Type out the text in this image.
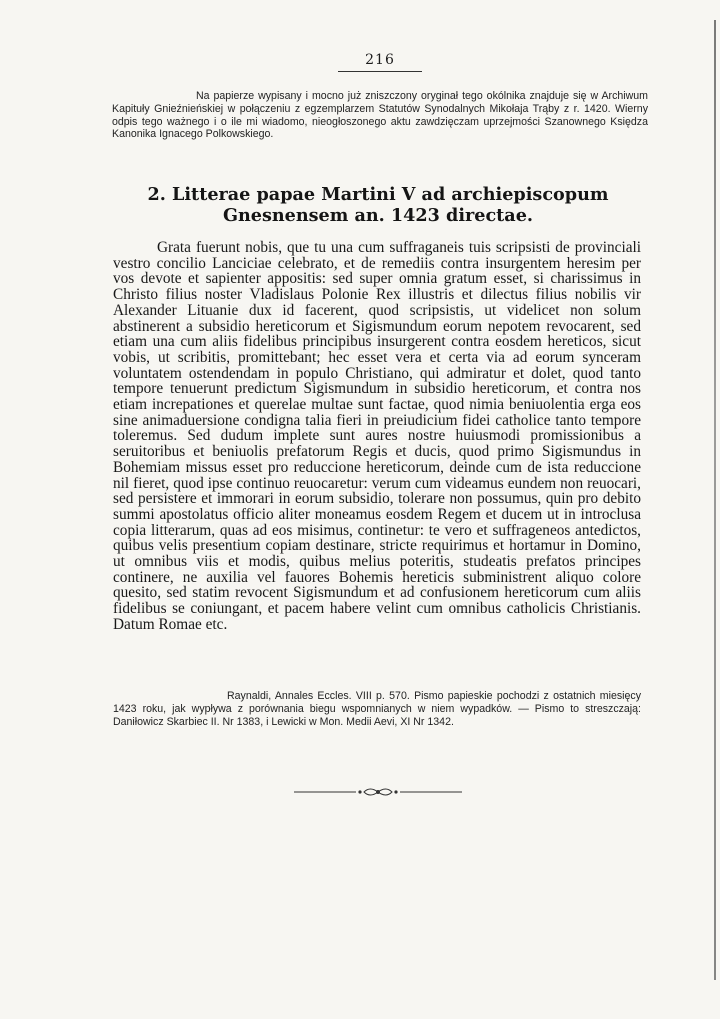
216
Na papierze wypisany i mocno już zniszczony oryginał tego okólnika znajduje się w Archiwum Kapituły Gnieźnieńskiej w połączeniu z egzemplarzem Statutów Synodalnych Mikołaja Trąby z r. 1420. Wierny odpis tego ważnego i o ile mi wiadomo, nieogłoszonego aktu zawdzięczam uprzejmości Szanownego Księdza Kanonika Ignacego Polkowskiego.
2. Litterae papae Martini V ad archiepiscopum Gnesnensem an. 1423 directae.
Grata fuerunt nobis, que tu una cum suffraganeis tuis scripsisti de provinciali vestro concilio Lanciciae celebrato, et de remediis contra insurgentem heresim per vos devote et sapienter appositis: sed super omnia gratum esset, si charissimus in Christo filius noster Vladislaus Polonie Rex illustris et dilectus filius nobilis vir Alexander Lituanie dux id facerent, quod scripsistis, ut videlicet non solum abstinerent a subsidio hereticorum et Sigismundum eorum nepotem revocarent, sed etiam una cum aliis fidelibus principibus insurgerent contra eosdem hereticos, sicut vobis, ut scribitis, promittebant; hec esset vera et certa via ad eorum synceram voluntatem ostendendam in populo Christiano, qui admiratur et dolet, quod tanto tempore tenuerunt predictum Sigismundum in subsidio hereticorum, et contra nos etiam increpationes et querelae multae sunt factae, quod nimia beniuolentia erga eos sine animaduersione condigna talia fieri in preiudicium fidei catholice tanto tempore toleremus. Sed dudum implete sunt aures nostre huiusmodi promissionibus a seruitoribus et beniuolis prefatorum Regis et ducis, quod primo Sigismundus in Bohemiam missus esset pro reduccione hereticorum, deinde cum de ista reduccione nil fieret, quod ipse continuo reuocaretur: verum cum videamus eundem non reuocari, sed persistere et immorari in eorum subsidio, tolerare non possumus, quin pro debito summi apostolatus officio aliter moneamus eosdem Regem et ducem ut in introclusa copia litterarum, quas ad eos misimus, continetur: te vero et suffrageneos antedictos, quibus velis presentium copiam destinare, stricte requirimus et hortamur in Domino, ut omnibus viis et modis, quibus melius poteritis, studeatis prefatos principes continere, ne auxilia vel fauores Bohemis hereticis subministrent aliquo colore quesito, sed statim revocent Sigismundum et ad confusionem hereticorum cum aliis fidelibus se coniungant, et pacem habere velint cum omnibus catholicis Christianis. Datum Romae etc.
Raynaldi, Annales Eccles. VIII p. 570. Pismo papieskie pochodzi z ostatnich miesięcy 1423 roku, jak wypływa z porównania biegu wspomnianych w niem wypadków. — Pismo to streszczają: Daniłowicz Skarbiec II. Nr 1383, i Lewicki w Mon. Medii Aevi, XI Nr 1342.
